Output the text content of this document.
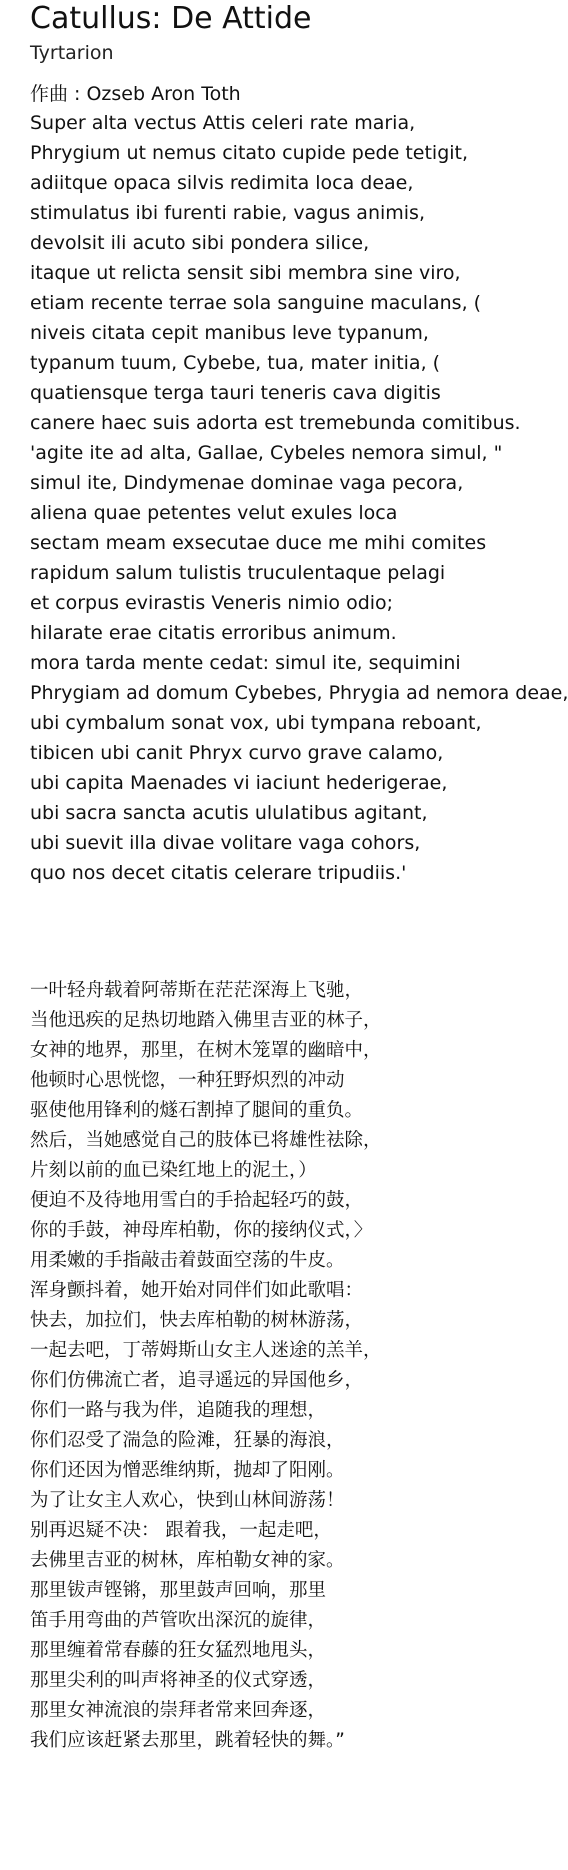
Catullus: De Attide
Tyrtarion
作曲 : Ozseb Aron Toth
Super alta vectus Attis celeri rate maria,
Phrygium ut nemus citato cupide pede tetigit,
adiitque opaca silvis redimita loca deae,
stimulatus ibi furenti rabie, vagus animis,
devolsit ili acuto sibi pondera silice,
itaque ut relicta sensit sibi membra sine viro,
etiam recente terrae sola sanguine maculans, (
niveis citata cepit manibus leve typanum,
typanum tuum, Cybebe, tua, mater initia, (
quatiensque terga tauri teneris cava digitis
canere haec suis adorta est tremebunda comitibus.
'agite ite ad alta, Gallae, Cybeles nemora simul, "
simul ite, Dindymenae dominae vaga pecora,
aliena quae petentes velut exules loca
sectam meam exsecutae duce me mihi comites
rapidum salum tulistis truculentaque pelagi
et corpus evirastis Veneris nimio odio;
hilarate erae citatis erroribus animum.
mora tarda mente cedat: simul ite, sequimini
Phrygiam ad domum Cybebes, Phrygia ad nemora deae,
ubi cymbalum sonat vox, ubi tympana reboant,
tibicen ubi canit Phryx curvo grave calamo,
ubi capita Maenades vi iaciunt hederigerae,
ubi sacra sancta acutis ululatibus agitant,
ubi suevit illa divae volitare vaga cohors,
quo nos decet citatis celerare tripudiis.'
一叶轻舟载着阿蒂斯在茫茫深海上飞驰，
当他迅疾的足热切地踏入佛里吉亚的林子，
女神的地界，那里，在树木笼罩的幽暗中，
他顿时心思恍惚，一种狂野炽烈的冲动
驱使他用锋利的燧石割掉了腿间的重负。
然后，当她感觉自己的肢体已将雄性祛除，
片刻以前的血已染红地上的泥土，）
便迫不及待地用雪白的手拾起轻巧的鼓，
你的手鼓，神母库柏勒，你的接纳仪式，〉
用柔嫩的手指敲击着鼓面空荡的牛皮。
浑身颤抖着，她开始对同伴们如此歌唱：
快去，加拉们，快去库柏勒的树林游荡，
一起去吧，丁蒂姆斯山女主人迷途的羔羊，
你们仿佛流亡者，追寻遥远的异国他乡，
你们一路与我为伴，追随我的理想，
你们忍受了湍急的险滩，狂暴的海浪，
你们还因为憎恶维纳斯，抛却了阳刚。
为了让女主人欢心，快到山林间游荡！
别再迟疑不决： 跟着我，一起走吧，
去佛里吉亚的树林，库柏勒女神的家。
那里钹声铿锵，那里鼓声回响，那里
笛手用弯曲的芦管吹出深沉的旋律，
那里缠着常春藤的狂女猛烈地甩头，
那里尖利的叫声将神圣的仪式穿透，
那里女神流浪的崇拜者常来回奔逐，
我们应该赶紧去那里，跳着轻快的舞。”
